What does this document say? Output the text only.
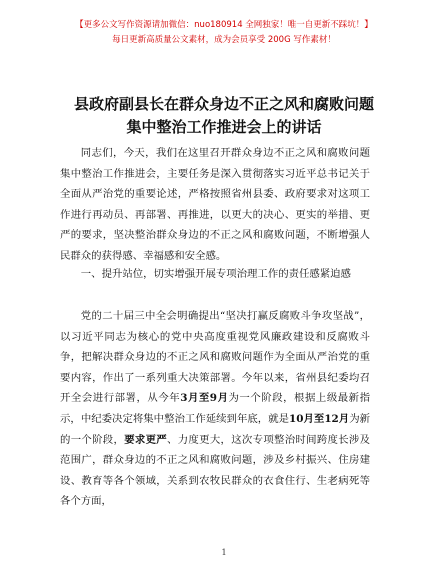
【更多公文写作资源请加微信：nuo180914 全网独家！唯一自更新不踩坑！】
每日更新高质量公文素材，成为会员享受 200G 写作素材！
县政府副县长在群众身边不正之风和腐败问题
集中整治工作推进会上的讲话
同志们，今天，我们在这里召开群众身边不正之风和腐败问题集中整治工作推进会，主要任务是深入贯彻落实习近平总书记关于全面从严治党的重要论述，严格按照省州县委、政府要求对这项工作进行再动员、再部署、再推进，以更大的决心、更实的举措、更严的要求，坚决整治群众身边的不正之风和腐败问题，不断增强人民群众的获得感、幸福感和安全感。
一、提升站位，切实增强开展专项治理工作的责任感紧迫感
党的二十届三中全会明确提出“坚决打赢反腐败斗争攻坚战”，以习近平同志为核心的党中央高度重视党风廉政建设和反腐败斗争，把解决群众身边的不正之风和腐败问题作为全面从严治党的重要内容，作出了一系列重大决策部署。今年以来，省州县纪委均召开全会进行部署，从今年3月至9月为一个阶段，根据上级最新指示，中纪委决定将集中整治工作延续到年底，就是10月至12月为新的一个阶段，要求更严、力度更大，这次专项整治时间跨度长涉及范围广，群众身边的不正之风和腐败问题，涉及乡村振兴、住房建设、教育等各个领域，关系到农牧民群众的衣食住行、生老病死等各个方面，
1
